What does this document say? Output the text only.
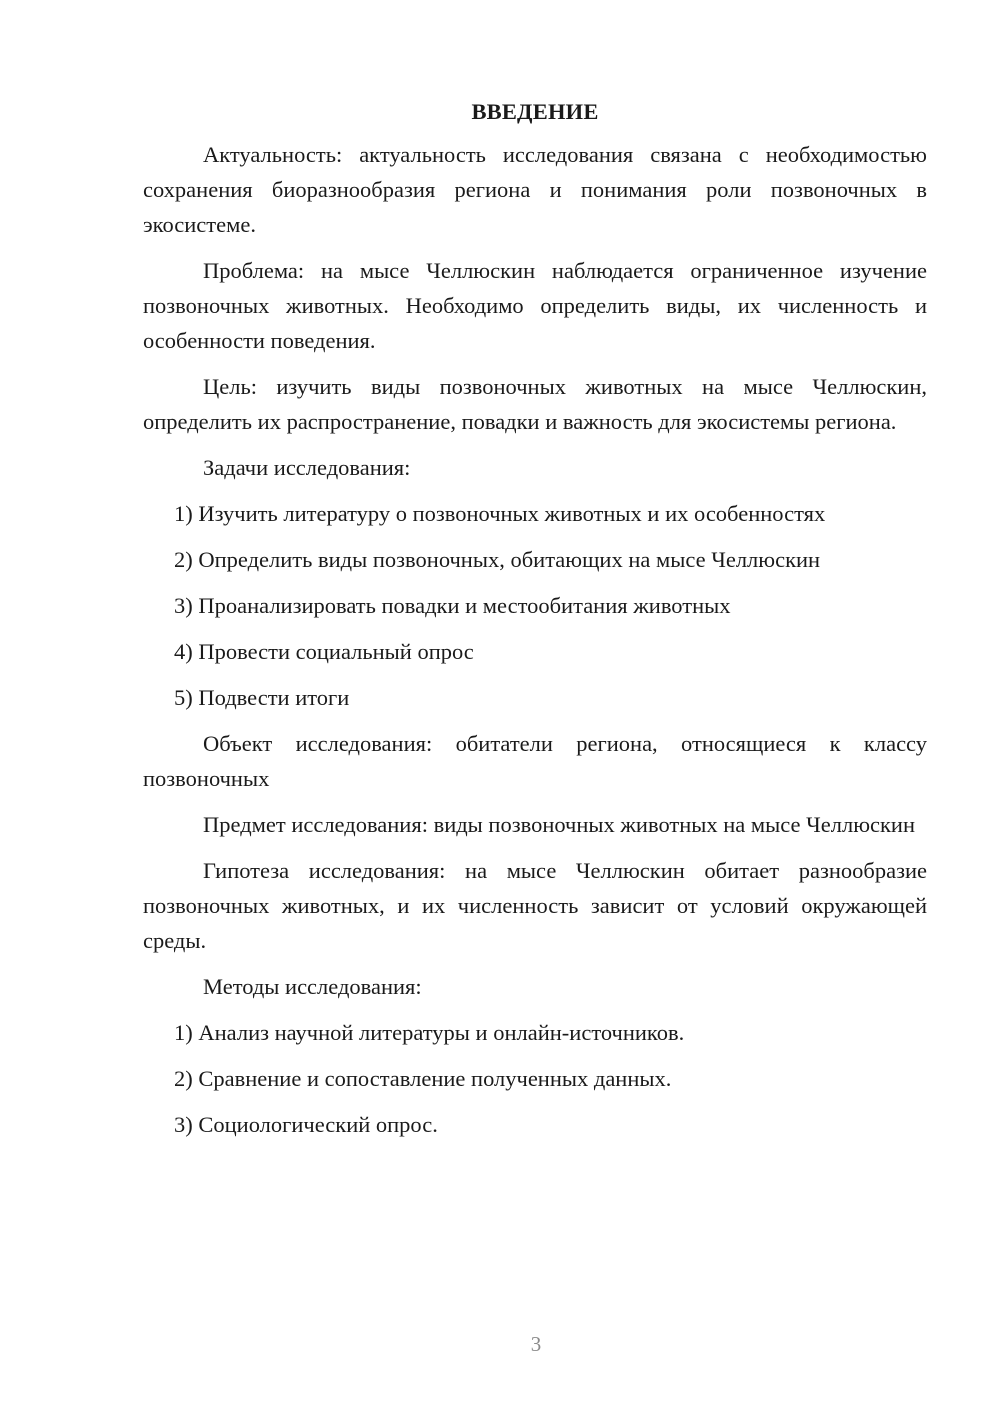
ВВЕДЕНИЕ

Актуальность: актуальность исследования связана с необходимостью сохранения биоразнообразия региона и понимания роли позвоночных в экосистеме.

Проблема: на мысе Челлюскин наблюдается ограниченное изучение позвоночных животных. Необходимо определить виды, их численность и особенности поведения.

Цель: изучить виды позвоночных животных на мысе Челлюскин, определить их распространение, повадки и важность для экосистемы региона.

Задачи исследования:

1) Изучить литературу о позвоночных животных и их особенностях
2) Определить виды позвоночных, обитающих на мысе Челлюскин
3) Проанализировать повадки и местообитания животных
4) Провести социальный опрос
5) Подвести итоги

Объект исследования: обитатели региона, относящиеся к классу позвоночных

Предмет исследования: виды позвоночных животных на мысе Челлюскин

Гипотеза исследования: на мысе Челлюскин обитает разнообразие позвоночных животных, и их численность зависит от условий окружающей среды.

Методы исследования:

1) Анализ научной литературы и онлайн-источников.
2) Сравнение и сопоставление полученных данных.
3) Социологический опрос.
3
